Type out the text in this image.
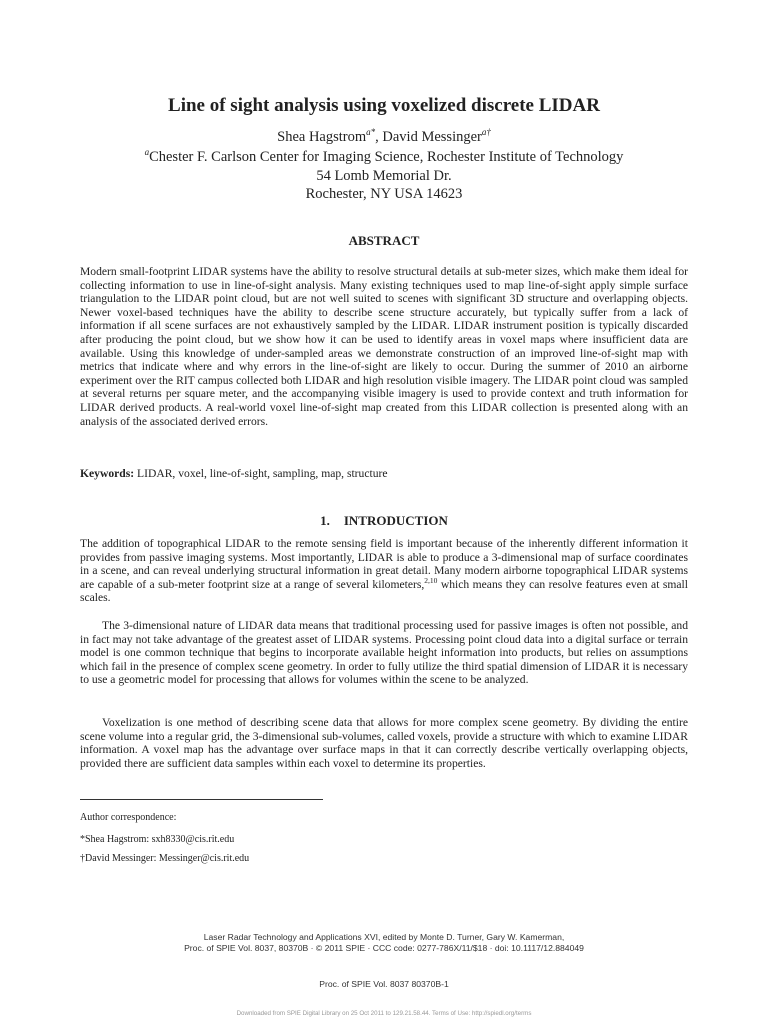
Line of sight analysis using voxelized discrete LIDAR
Shea Hagstrom$^{a*}$, David Messinger$^{a\dagger}$
$^a$Chester F. Carlson Center for Imaging Science, Rochester Institute of Technology
54 Lomb Memorial Dr.
Rochester, NY USA 14623
ABSTRACT

Modern small-footprint LIDAR systems have the ability to resolve structural details at sub-meter sizes, which make them ideal for collecting information to use in line-of-sight analysis. Many existing techniques used to map line-of-sight apply simple surface triangulation to the LIDAR point cloud, but are not well suited to scenes with significant 3D structure and overlapping objects. Newer voxel-based techniques have the ability to describe scene structure accurately, but typically suffer from a lack of information if all scene surfaces are not exhaustively sampled by the LIDAR. LIDAR instrument position is typically discarded after producing the point cloud, but we show how it can be used to identify areas in voxel maps where insufficient data are available. Using this knowledge of under-sampled areas we demonstrate construction of an improved line-of-sight map with metrics that indicate where and why errors in the line-of-sight are likely to occur. During the summer of 2010 an airborne experiment over the RIT campus collected both LIDAR and high resolution visible imagery. The LIDAR point cloud was sampled at several returns per square meter, and the accompanying visible imagery is used to provide context and truth information for LIDAR derived products. A real-world voxel line-of-sight map created from this LIDAR collection is presented along with an analysis of the associated derived errors.

Keywords: LIDAR, voxel, line-of-sight, sampling, map, structure

1. INTRODUCTION

The addition of topographical LIDAR to the remote sensing field is important because of the inherently different information it provides from passive imaging systems. Most importantly, LIDAR is able to produce a 3-dimensional map of surface coordinates in a scene, and can reveal underlying structural information in great detail. Many modern airborne topographical LIDAR systems are capable of a sub-meter footprint size at a range of several kilometers,$^{2,10}$ which means they can resolve features even at small scales.

The 3-dimensional nature of LIDAR data means that traditional processing used for passive images is often not possible, and in fact may not take advantage of the greatest asset of LIDAR systems. Processing point cloud data into a digital surface or terrain model is one common technique that begins to incorporate available height information into products, but relies on assumptions which fail in the presence of complex scene geometry. In order to fully utilize the third spatial dimension of LIDAR it is necessary to use a geometric model for processing that allows for volumes within the scene to be analyzed.

Voxelization is one method of describing scene data that allows for more complex scene geometry. By dividing the entire scene volume into a regular grid, the 3-dimensional sub-volumes, called voxels, provide a structure with which to examine LIDAR information. A voxel map has the advantage over surface maps in that it can correctly describe vertically overlapping objects, provided there are sufficient data samples within each voxel to determine its properties.

Author correspondence:
*Shea Hagstrom: sxh8330@cis.rit.edu
†David Messinger: Messinger@cis.rit.edu
Laser Radar Technology and Applications XVI, edited by Monte D. Turner, Gary W. Kamerman,
Proc. of SPIE Vol. 8037, 80370B · © 2011 SPIE · CCC code: 0277-786X/11/$18 · doi: 10.1117/12.884049
Proc. of SPIE Vol. 8037 80370B-1
Downloaded from SPIE Digital Library on 25 Oct 2011 to 129.21.58.44. Terms of Use: http://spiedl.org/terms
